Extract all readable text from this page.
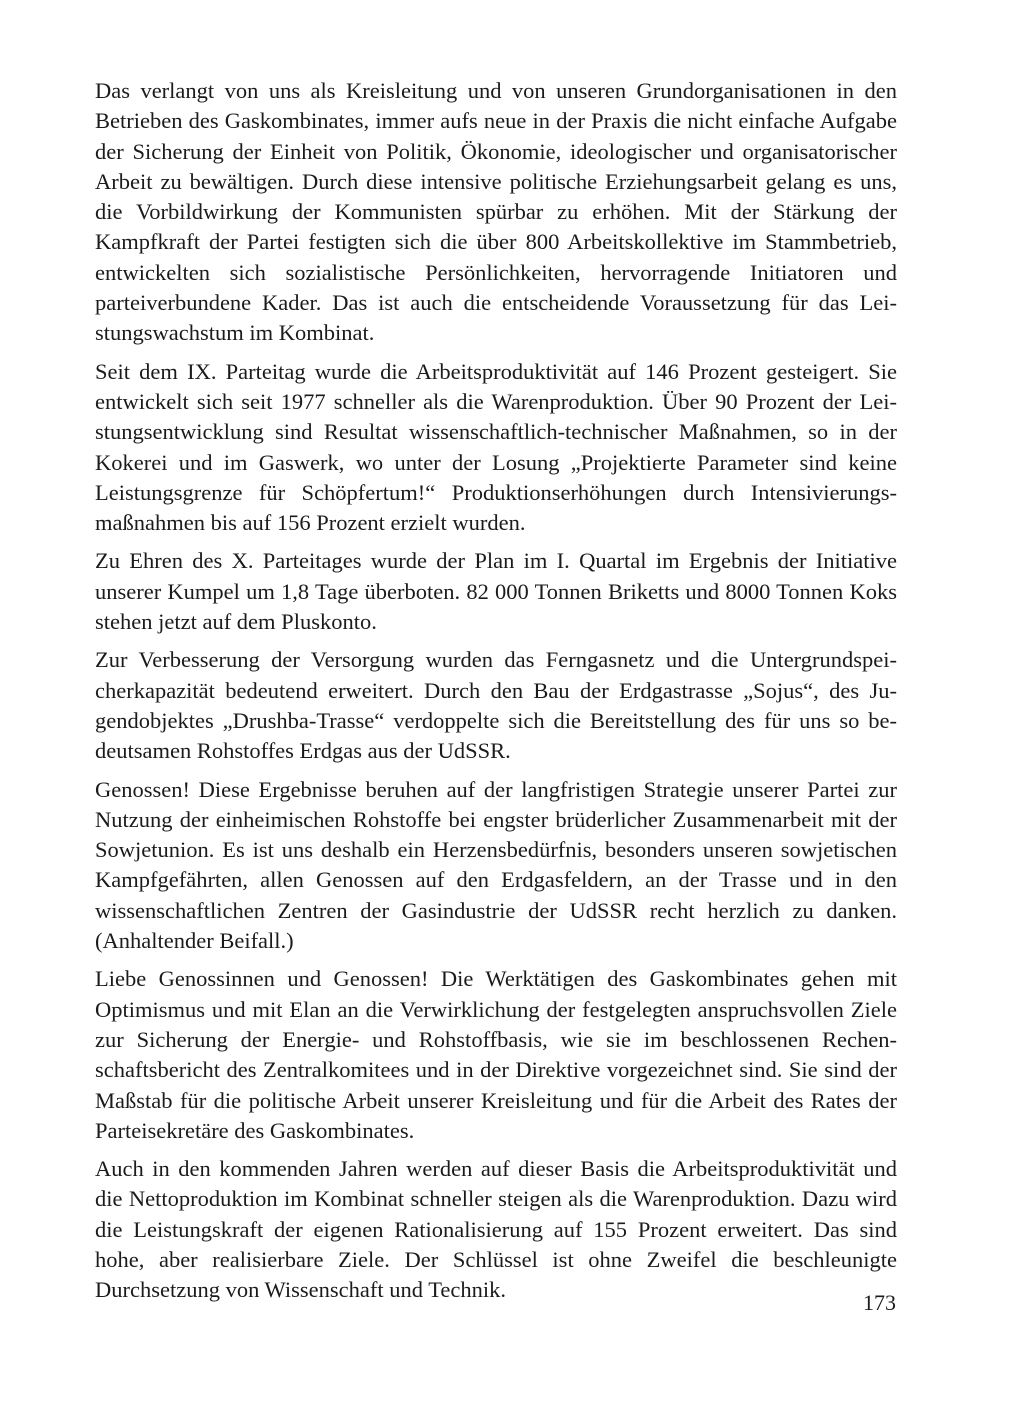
Das verlangt von uns als Kreisleitung und von unseren Grundorganisationen in den Betrieben des Gaskombinates, immer aufs neue in der Praxis die nicht einfache Aufgabe der Sicherung der Einheit von Politik, Ökonomie, ideologischer und organisatorischer Arbeit zu bewältigen. Durch diese intensive politische Erziehungsarbeit gelang es uns, die Vorbildwirkung der Kommunisten spürbar zu erhöhen. Mit der Stärkung der Kampfkraft der Partei festigten sich die über 800 Arbeitskollektive im Stammbetrieb, entwickelten sich sozialistische Persönlichkeiten, hervorragende Initiatoren und parteiverbundene Kader. Das ist auch die entscheidende Voraussetzung für das Leistungswachstum im Kombinat.

Seit dem IX. Parteitag wurde die Arbeitsproduktivität auf 146 Prozent gesteigert. Sie entwickelt sich seit 1977 schneller als die Warenproduktion. Über 90 Prozent der Leistungsentwicklung sind Resultat wissenschaftlich-technischer Maßnahmen, so in der Kokerei und im Gaswerk, wo unter der Losung „Projektierte Parameter sind keine Leistungsgrenze für Schöpfertum!“ Produktionserhöhungen durch Intensivierungsmaßnahmen bis auf 156 Prozent erzielt wurden.

Zu Ehren des X. Parteitages wurde der Plan im I. Quartal im Ergebnis der Initiative unserer Kumpel um 1,8 Tage überboten. 82 000 Tonnen Briketts und 8000 Tonnen Koks stehen jetzt auf dem Pluskonto.

Zur Verbesserung der Versorgung wurden das Ferngasnetz und die Untergrundspeicherkapazität bedeutend erweitert. Durch den Bau der Erdgastrasse „Sojus“, des Jugendobjektes „Drushba-Trasse“ verdoppelte sich die Bereitstellung des für uns so bedeutsamen Rohstoffes Erdgas aus der UdSSR.

Genossen! Diese Ergebnisse beruhen auf der langfristigen Strategie unserer Partei zur Nutzung der einheimischen Rohstoffe bei engster brüderlicher Zusammenarbeit mit der Sowjetunion. Es ist uns deshalb ein Herzensbedürfnis, besonders unseren sowjetischen Kampfgefährten, allen Genossen auf den Erdgasfeldern, an der Trasse und in den wissenschaftlichen Zentren der Gasindustrie der UdSSR recht herzlich zu danken. (Anhaltender Beifall.)

Liebe Genossinnen und Genossen! Die Werktätigen des Gaskombinates gehen mit Optimismus und mit Elan an die Verwirklichung der festgelegten anspruchsvollen Ziele zur Sicherung der Energie- und Rohstoffbasis, wie sie im beschlossenen Rechenschaftsbericht des Zentralkomitees und in der Direktive vorgezeichnet sind. Sie sind der Maßstab für die politische Arbeit unserer Kreisleitung und für die Arbeit des Rates der Parteisekretäre des Gaskombinates.

Auch in den kommenden Jahren werden auf dieser Basis die Arbeitsproduktivität und die Nettoproduktion im Kombinat schneller steigen als die Warenproduktion. Dazu wird die Leistungskraft der eigenen Rationalisierung auf 155 Prozent erweitert. Das sind hohe, aber realisierbare Ziele. Der Schlüssel ist ohne Zweifel die beschleunigte Durchsetzung von Wissenschaft und Technik.

173
